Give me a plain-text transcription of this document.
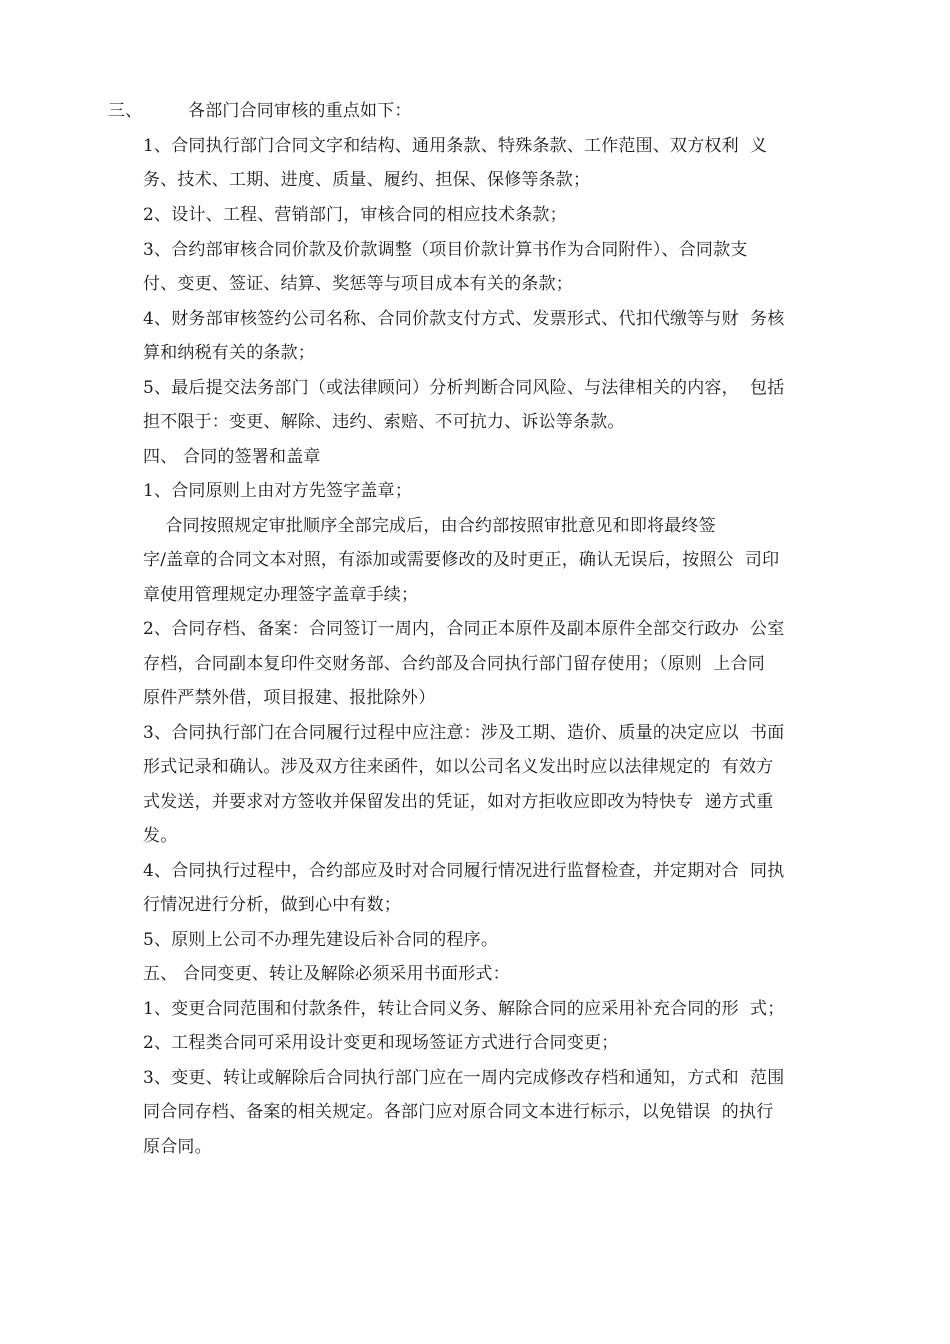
三、	各部门合同审核的重点如下：
1、合同执行部门合同文字和结构、通用条款、特殊条款、工作范围、双方权利  义
务、技术、工期、进度、质量、履约、担保、保修等条款；
2、设计、工程、营销部门，审核合同的相应技术条款；
3、合约部审核合同价款及价款调整（项目价款计算书作为合同附件）、合同款支
付、变更、签证、结算、奖惩等与项目成本有关的条款；
4、财务部审核签约公司名称、合同价款支付方式、发票形式、代扣代缴等与财  务核
算和纳税有关的条款；
5、最后提交法务部门（或法律顾问）分析判断合同风险、与法律相关的内容，  包括
担不限于：变更、解除、违约、索赔、不可抗力、诉讼等条款。
四、 合同的签署和盖章
1、合同原则上由对方先签字盖章；
合同按照规定审批顺序全部完成后，由合约部按照审批意见和即将最终签
字/盖章的合同文本对照，有添加或需要修改的及时更正，确认无误后，按照公  司印
章使用管理规定办理签字盖章手续；
2、合同存档、备案：合同签订一周内，合同正本原件及副本原件全部交行政办  公室
存档，合同副本复印件交财务部、合约部及合同执行部门留存使用；（原则  上合同
原件严禁外借，项目报建、报批除外）
3、合同执行部门在合同履行过程中应注意：涉及工期、造价、质量的决定应以  书面
形式记录和确认。涉及双方往来函件，如以公司名义发出时应以法律规定的  有效方
式发送，并要求对方签收并保留发出的凭证，如对方拒收应即改为特快专  递方式重
发。
4、合同执行过程中，合约部应及时对合同履行情况进行监督检查，并定期对合  同执
行情况进行分析，做到心中有数；
5、原则上公司不办理先建设后补合同的程序。
五、 合同变更、转让及解除必须采用书面形式：
1、变更合同范围和付款条件，转让合同义务、解除合同的应采用补充合同的形  式；
2、工程类合同可采用设计变更和现场签证方式进行合同变更；
3、变更、转让或解除后合同执行部门应在一周内完成修改存档和通知，方式和  范围
同合同存档、备案的相关规定。各部门应对原合同文本进行标示，以免错误  的执行
原合同。
